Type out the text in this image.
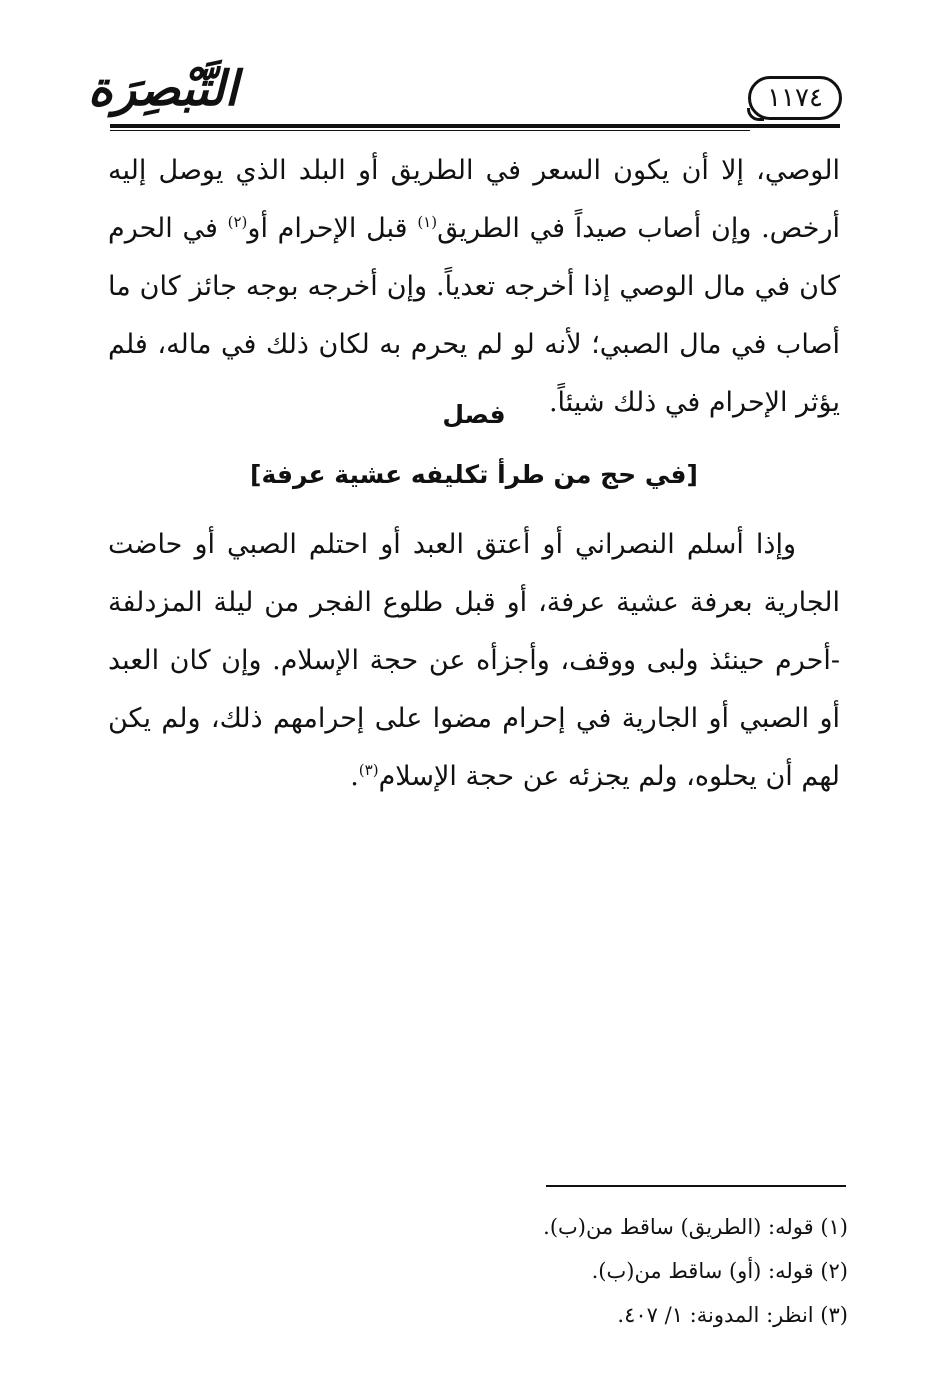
التَّبْصِرَة	١١٧٤
الوصي، إلا أن يكون السعر في الطريق أو البلد الذي يوصل إليه أرخص. وإن أصاب صيداً في الطريق$^{(١)}$ قبل الإحرام أو$^{(٢)}$ في الحرم كان في مال الوصي إذا أخرجه تعدياً. وإن أخرجه بوجه جائز كان ما أصاب في مال الصبي؛ لأنه لو لم يحرم به لكان ذلك في ماله، فلم يؤثر الإحرام في ذلك شيئاً.
فصل
[في حج من طرأ تكليفه عشية عرفة]
وإذا أسلم النصراني أو أعتق العبد أو احتلم الصبي أو حاضت الجارية بعرفة عشية عرفة، أو قبل طلوع الفجر من ليلة المزدلفة -أحرم حينئذ ولبى ووقف، وأجزأه عن حجة الإسلام. وإن كان العبد أو الصبي أو الجارية في إحرام مضوا على إحرامهم ذلك، ولم يكن لهم أن يحلوه، ولم يجزئه عن حجة الإسلام$^{(٣)}$.
(١) قوله: (الطريق) ساقط من(ب).
(٢) قوله: (أو) ساقط من(ب).
(٣) انظر: المدونة: ١/ ٤٠٧.
